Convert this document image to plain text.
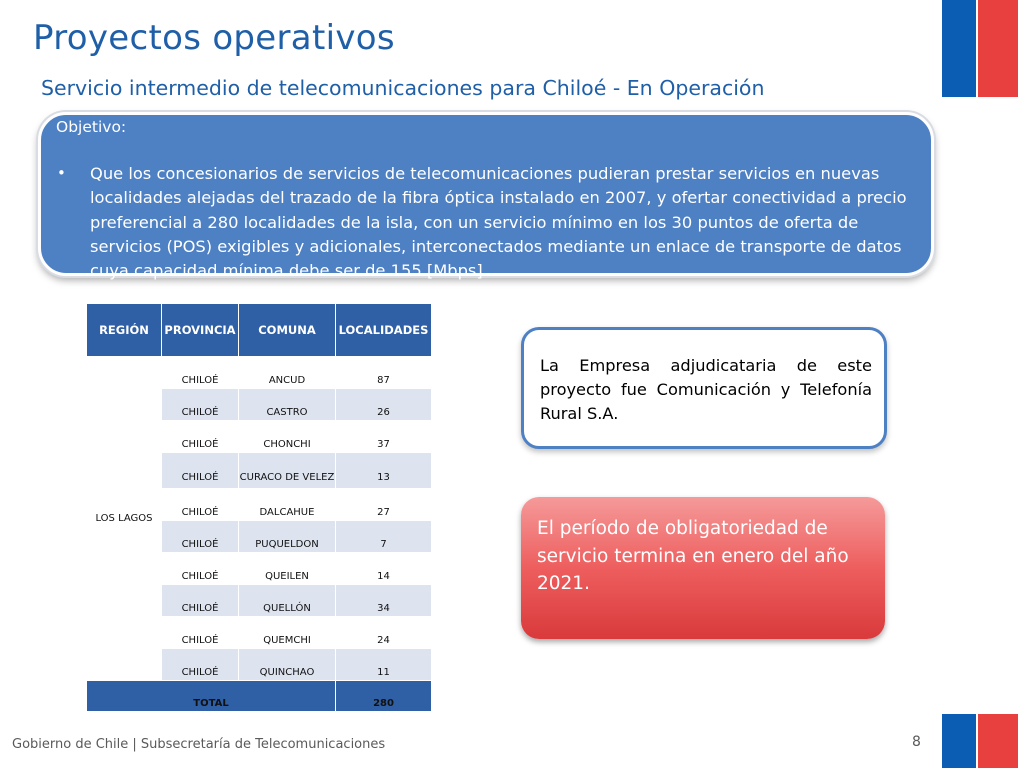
Proyectos operativos
Servicio intermedio de telecomunicaciones para Chiloé - En Operación
Objetivo:
• Que los concesionarios de servicios de telecomunicaciones pudieran prestar servicios en nuevas localidades alejadas del trazado de la fibra óptica instalado en 2007, y ofertar conectividad a precio preferencial a 280 localidades de la isla, con un servicio mínimo en los 30 puntos de oferta de servicios (POS) exigibles y adicionales, interconectados mediante un enlace de transporte de datos cuya capacidad mínima debe ser de 155 [Mbps].
REGIÓN	PROVINCIA	COMUNA	LOCALIDADES
LOS LAGOS	CHILOÉ	ANCUD	87
	CHILOÉ	CASTRO	26
	CHILOÉ	CHONCHI	37
	CHILOÉ	CURACO DE VELEZ	13
	CHILOÉ	DALCAHUE	27
	CHILOÉ	PUQUELDON	7
	CHILOÉ	QUEILEN	14
	CHILOÉ	QUELLÓN	34
	CHILOÉ	QUEMCHI	24
	CHILOÉ	QUINCHAO	11
TOTAL			280
La Empresa adjudicataria de este proyecto fue Comunicación y Telefonía Rural S.A.
El período de obligatoriedad de servicio termina en enero del año 2021.
Gobierno de Chile | Subsecretaría de Telecomunicaciones	8
